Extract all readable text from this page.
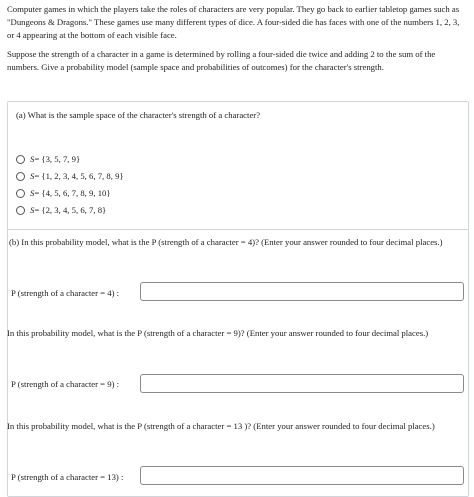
Computer games in which the players take the roles of characters are very popular. They go back to earlier tabletop games such as "Dungeons & Dragons." These games use many different types of dice. A four-sided die has faces with one of the numbers 1, 2, 3, or 4 appearing at the bottom of each visible face.

Suppose the strength of a character in a game is determined by rolling a four-sided die twice and adding 2 to the sum of the numbers. Give a probability model (sample space and probabilities of outcomes) for the character's strength.

(a) What is the sample space of the character's strength of a character?
S = {3, 5, 7, 9}
S = {1, 2, 3, 4, 5, 6, 7, 8, 9}
S = {4, 5, 6, 7, 8, 9, 10}
S = {2, 3, 4, 5, 6, 7, 8}
(b) In this probability model, what is the P (strength of a character = 4)? (Enter your answer rounded to four decimal places.)
P (strength of a character = 4) :
In this probability model, what is the P (strength of a character = 9)? (Enter your answer rounded to four decimal places.)
P (strength of a character = 9) :
In this probability model, what is the P (strength of a character = 13 )? (Enter your answer rounded to four decimal places.)
P (strength of a character = 13) :
